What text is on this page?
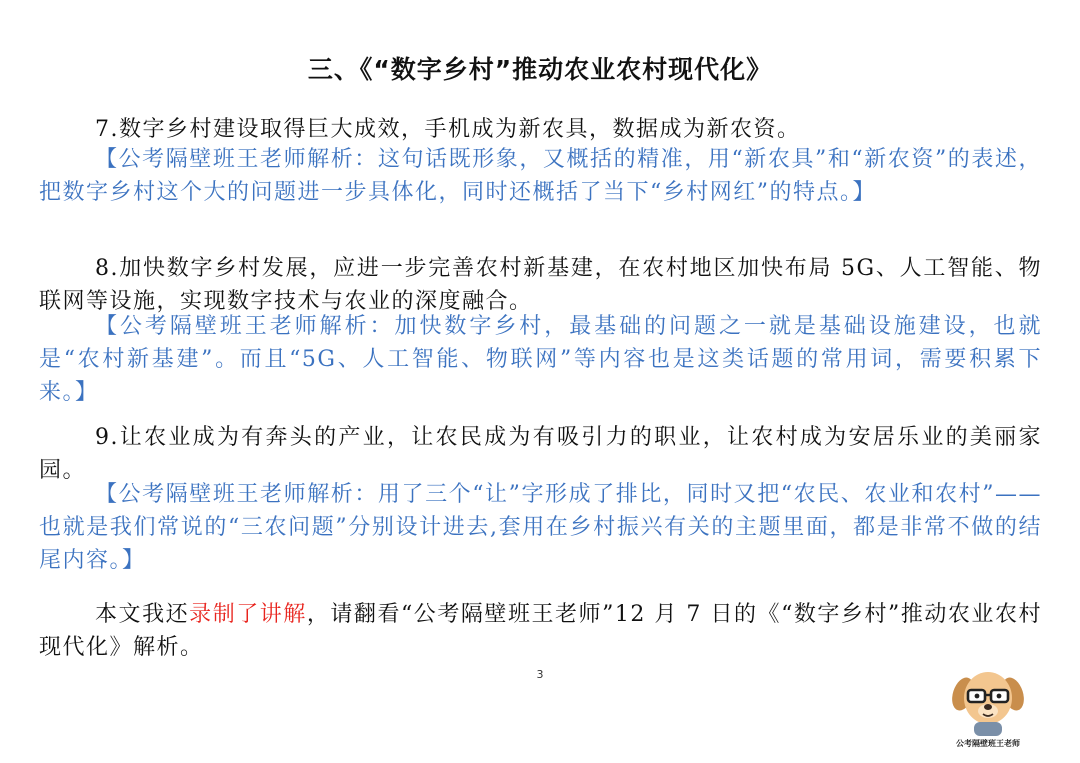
三、《“数字乡村”推动农业农村现代化》

7.数字乡村建设取得巨大成效，手机成为新农具，数据成为新农资。

【公考隔壁班王老师解析：这句话既形象，又概括的精准，用“新农具”和“新农资”的表述，把数字乡村这个大的问题进一步具体化，同时还概括了当下“乡村网红”的特点。】

8.加快数字乡村发展，应进一步完善农村新基建，在农村地区加快布局 5G、人工智能、物联网等设施，实现数字技术与农业的深度融合。

【公考隔壁班王老师解析：加快数字乡村，最基础的问题之一就是基础设施建设，也就是“农村新基建”。而且“5G、人工智能、物联网”等内容也是这类话题的常用词，需要积累下来。】

9.让农业成为有奔头的产业，让农民成为有吸引力的职业，让农村成为安居乐业的美丽家园。

【公考隔壁班王老师解析：用了三个“让”字形成了排比，同时又把“农民、农业和农村”——也就是我们常说的“三农问题”分别设计进去,套用在乡村振兴有关的主题里面，都是非常不做的结尾内容。】

本文我还录制了讲解，请翻看“公考隔壁班王老师”12 月 7 日的《“数字乡村”推动农业农村现代化》解析。

3
公考隔壁班王老师
